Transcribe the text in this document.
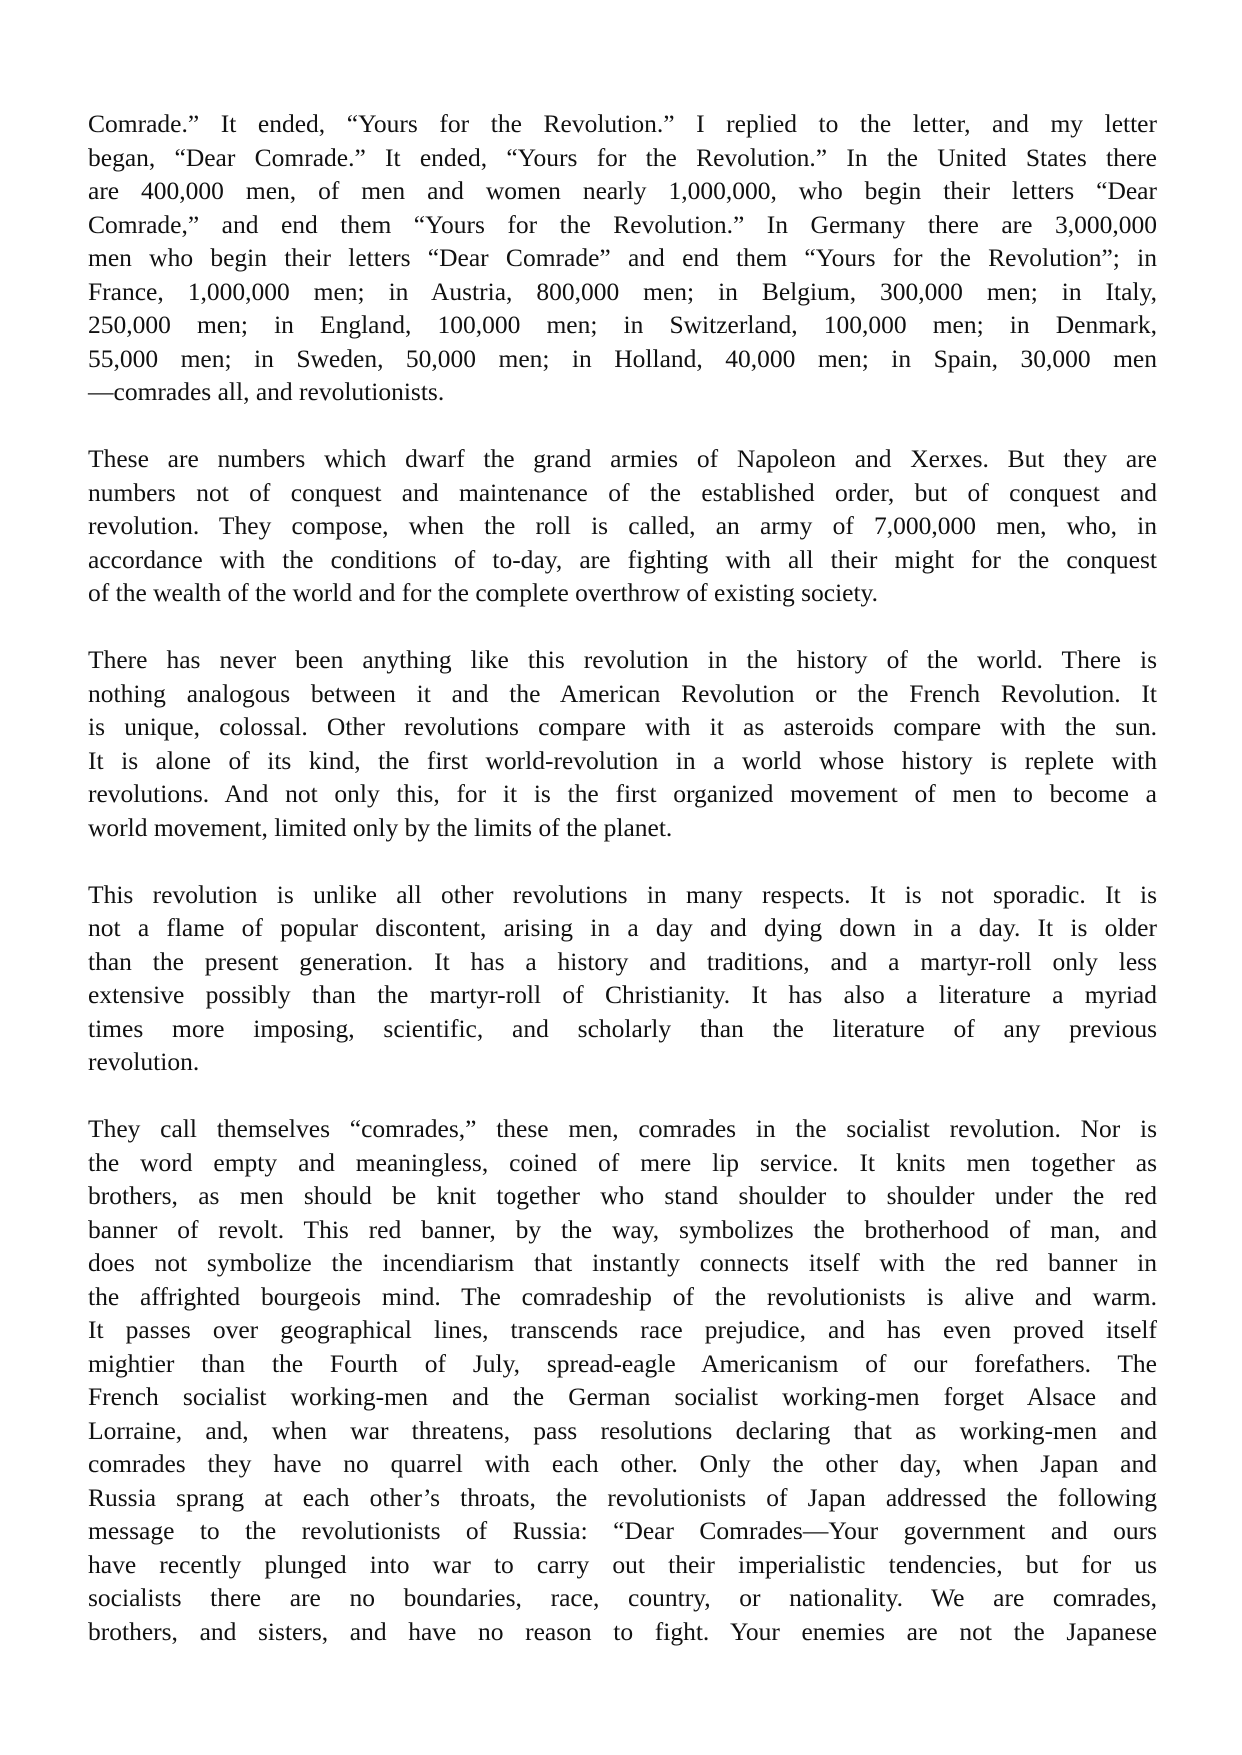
Comrade.” It ended, “Yours for the Revolution.” I replied to the letter, and my letter
began, “Dear Comrade.” It ended, “Yours for the Revolution.” In the United States there
are 400,000 men, of men and women nearly 1,000,000, who begin their letters “Dear
Comrade,” and end them “Yours for the Revolution.” In Germany there are 3,000,000
men who begin their letters “Dear Comrade” and end them “Yours for the Revolution”; in
France, 1,000,000 men; in Austria, 800,000 men; in Belgium, 300,000 men; in Italy,
250,000 men; in England, 100,000 men; in Switzerland, 100,000 men; in Denmark,
55,000 men; in Sweden, 50,000 men; in Holland, 40,000 men; in Spain, 30,000 men
—comrades all, and revolutionists.
These are numbers which dwarf the grand armies of Napoleon and Xerxes. But they are
numbers not of conquest and maintenance of the established order, but of conquest and
revolution. They compose, when the roll is called, an army of 7,000,000 men, who, in
accordance with the conditions of to-day, are fighting with all their might for the conquest
of the wealth of the world and for the complete overthrow of existing society.
There has never been anything like this revolution in the history of the world. There is
nothing analogous between it and the American Revolution or the French Revolution. It
is unique, colossal. Other revolutions compare with it as asteroids compare with the sun.
It is alone of its kind, the first world-revolution in a world whose history is replete with
revolutions. And not only this, for it is the first organized movement of men to become a
world movement, limited only by the limits of the planet.
This revolution is unlike all other revolutions in many respects. It is not sporadic. It is
not a flame of popular discontent, arising in a day and dying down in a day. It is older
than the present generation. It has a history and traditions, and a martyr-roll only less
extensive possibly than the martyr-roll of Christianity. It has also a literature a myriad
times more imposing, scientific, and scholarly than the literature of any previous
revolution.
They call themselves “comrades,” these men, comrades in the socialist revolution. Nor is
the word empty and meaningless, coined of mere lip service. It knits men together as
brothers, as men should be knit together who stand shoulder to shoulder under the red
banner of revolt. This red banner, by the way, symbolizes the brotherhood of man, and
does not symbolize the incendiarism that instantly connects itself with the red banner in
the affrighted bourgeois mind. The comradeship of the revolutionists is alive and warm.
It passes over geographical lines, transcends race prejudice, and has even proved itself
mightier than the Fourth of July, spread-eagle Americanism of our forefathers. The
French socialist working-men and the German socialist working-men forget Alsace and
Lorraine, and, when war threatens, pass resolutions declaring that as working-men and
comrades they have no quarrel with each other. Only the other day, when Japan and
Russia sprang at each other’s throats, the revolutionists of Japan addressed the following
message to the revolutionists of Russia: “Dear Comrades—Your government and ours
have recently plunged into war to carry out their imperialistic tendencies, but for us
socialists there are no boundaries, race, country, or nationality. We are comrades,
brothers, and sisters, and have no reason to fight. Your enemies are not the Japanese
